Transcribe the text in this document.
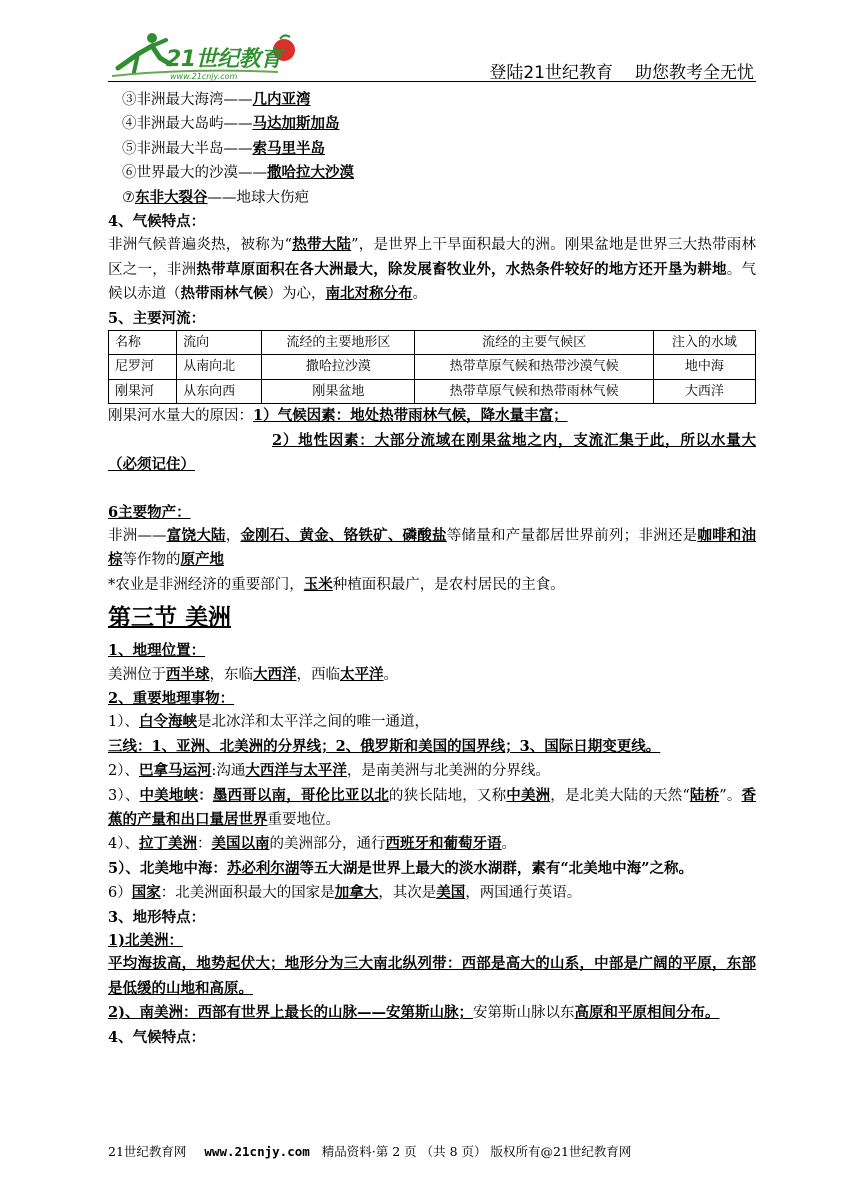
21世纪教育
www.21cnjy.com	登陆21世纪教育 助您教考全无忧
③非洲最大海湾——几内亚湾
④非洲最大岛屿——马达加斯加岛
⑤非洲最大半岛——索马里半岛
⑥世界最大的沙漠——撒哈拉大沙漠
⑦东非大裂谷——地球大伤疤
4、气候特点：
非洲气候普遍炎热，被称为“热带大陆”，是世界上干旱面积最大的洲。刚果盆地是世界三大热带雨林区之一，非洲热带草原面积在各大洲最大，除发展畜牧业外，水热条件较好的地方还开垦为耕地。气候以赤道（热带雨林气候）为心，南北对称分布。
5、主要河流：
名称	流向	流经的主要地形区	流经的主要气候区	注入的水域
尼罗河	从南向北	撒哈拉沙漠	热带草原气候和热带沙漠气候	地中海
刚果河	从东向西	刚果盆地	热带草原气候和热带雨林气候	大西洋
刚果河水量大的原因：1）气候因素：地处热带雨林气候，降水量丰富；
2）地性因素：大部分流域在刚果盆地之内，支流汇集于此，所以水量大（必须记住）
6主要物产：
非洲——富饶大陆，金刚石、黄金、铬铁矿、磷酸盐等储量和产量都居世界前列；非洲还是咖啡和油棕等作物的原产地
*农业是非洲经济的重要部门，玉米种植面积最广，是农村居民的主食。
第三节 美洲
1、地理位置：
美洲位于西半球，东临大西洋，西临太平洋。
2、重要地理事物：
1）、白令海峡是北冰洋和太平洋之间的唯一通道，
三线：1、亚洲、北美洲的分界线；2、俄罗斯和美国的国界线；3、国际日期变更线。
2）、巴拿马运河:沟通大西洋与太平洋，是南美洲与北美洲的分界线。
3）、中美地峡：墨西哥以南，哥伦比亚以北的狭长陆地，又称中美洲，是北美大陆的天然“陆桥”。香蕉的产量和出口量居世界重要地位。
4）、拉丁美洲：美国以南的美洲部分，通行西班牙和葡萄牙语。
5）、北美地中海：苏必利尔湖等五大湖是世界上最大的淡水湖群，素有“北美地中海”之称。
6）国家：北美洲面积最大的国家是加拿大，其次是美国，两国通行英语。
3、地形特点：
1)北美洲：
平均海拔高，地势起伏大；地形分为三大南北纵列带：西部是高大的山系，中部是广阔的平原，东部是低缓的山地和高原。
2)、南美洲：西部有世界上最长的山脉——安第斯山脉；安第斯山脉以东高原和平原相间分布。
4、气候特点：
21世纪教育网 www.21cnjy.com 精品资料·第 2 页 （共 8 页） 版权所有@21世纪教育网
